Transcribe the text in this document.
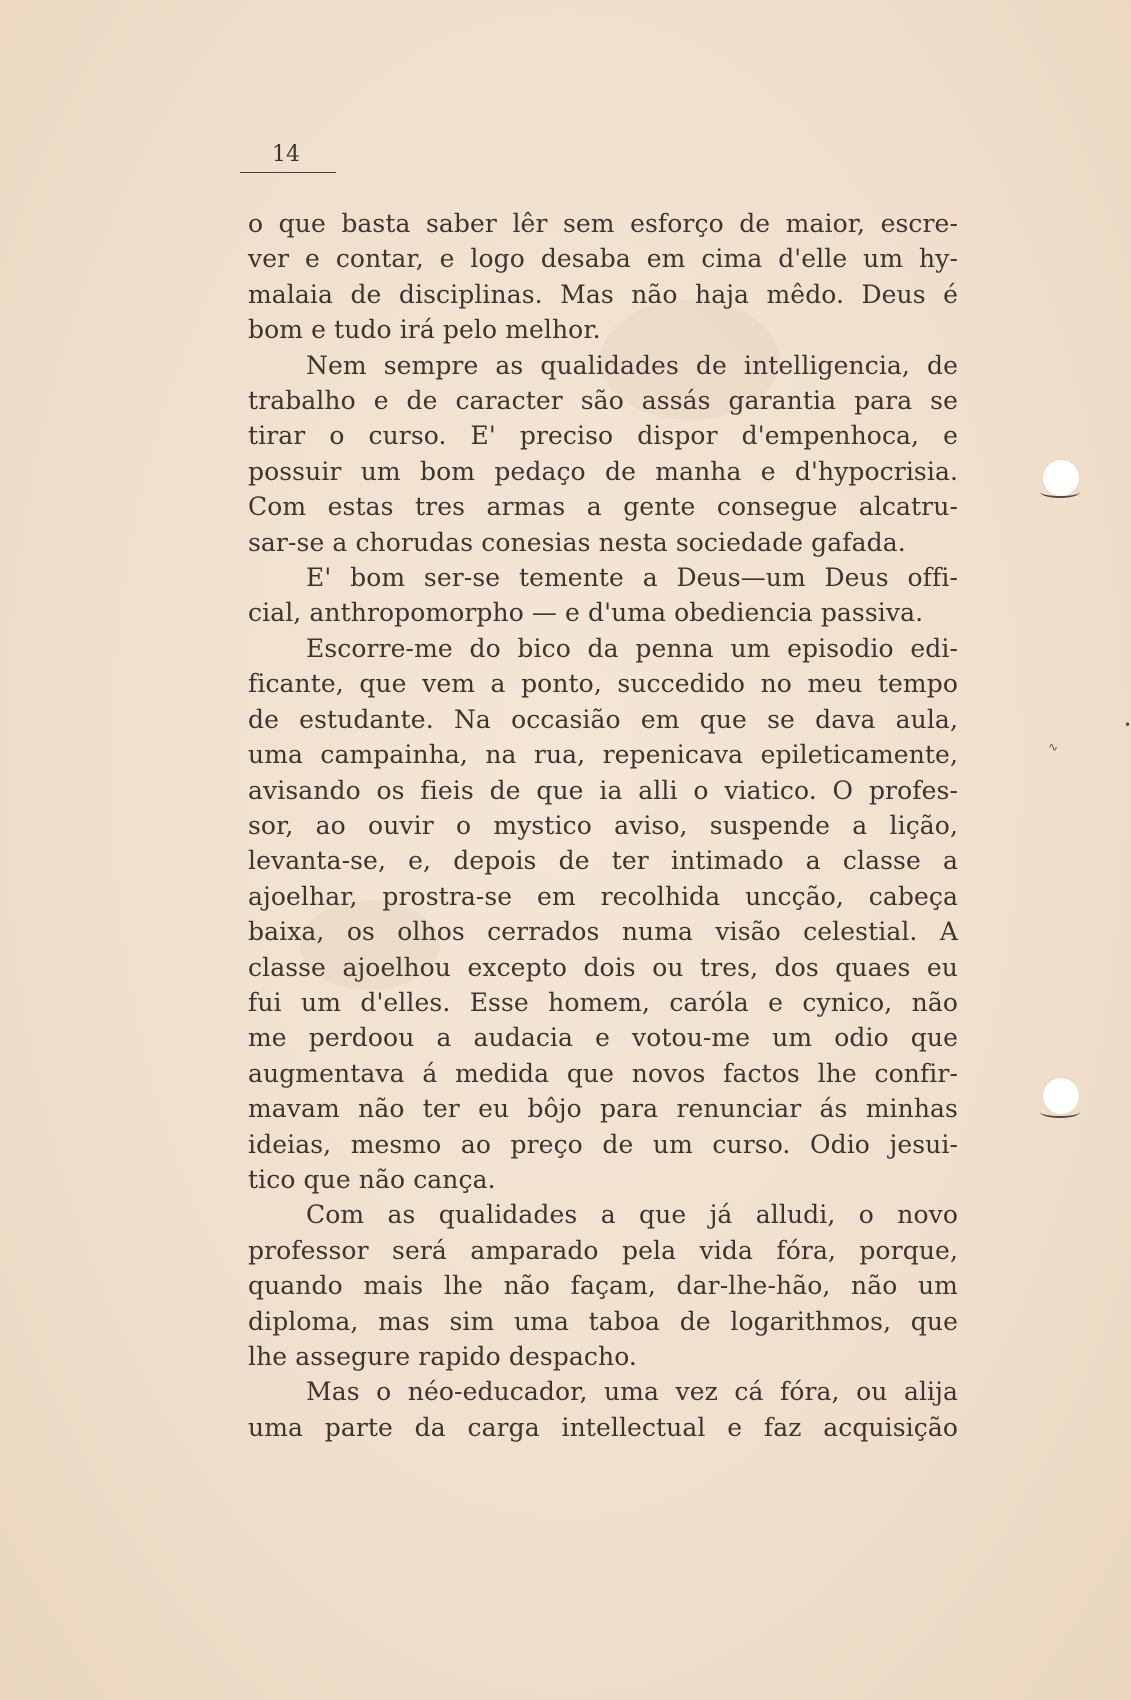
14
o que basta saber lêr sem esforço de maior, escre-
ver e contar, e logo desaba em cima d'elle um hy-
malaia de disciplinas. Mas não haja mêdo. Deus é
bom e tudo irá pelo melhor.
Nem sempre as qualidades de intelligencia, de
trabalho e de caracter são assás garantia para se
tirar o curso. E' preciso dispor d'empenhoca, e
possuir um bom pedaço de manha e d'hypocrisia.
Com estas tres armas a gente consegue alcatru-
sar-se a chorudas conesias nesta sociedade gafada.
E' bom ser-se temente a Deus—um Deus offi-
cial, anthropomorpho — e d'uma obediencia passiva.
Escorre-me do bico da penna um episodio edi-
ficante, que vem a ponto, succedido no meu tempo
de estudante. Na occasião em que se dava aula,
uma campainha, na rua, repenicava epileticamente,
avisando os fieis de que ia alli o viatico. O profes-
sor, ao ouvir o mystico aviso, suspende a lição,
levanta-se, e, depois de ter intimado a classe a
ajoelhar, prostra-se em recolhida uncção, cabeça
baixa, os olhos cerrados numa visão celestial. A
classe ajoelhou excepto dois ou tres, dos quaes eu
fui um d'elles. Esse homem, caróla e cynico, não
me perdoou a audacia e votou-me um odio que
augmentava á medida que novos factos lhe confir-
mavam não ter eu bôjo para renunciar ás minhas
ideias, mesmo ao preço de um curso. Odio jesui-
tico que não cança.
Com as qualidades a que já alludi, o novo
professor será amparado pela vida fóra, porque,
quando mais lhe não façam, dar-lhe-hão, não um
diploma, mas sim uma taboa de logarithmos, que
lhe assegure rapido despacho.
Mas o néo-educador, uma vez cá fóra, ou alija
uma parte da carga intellectual e faz acquisição
∿
•
